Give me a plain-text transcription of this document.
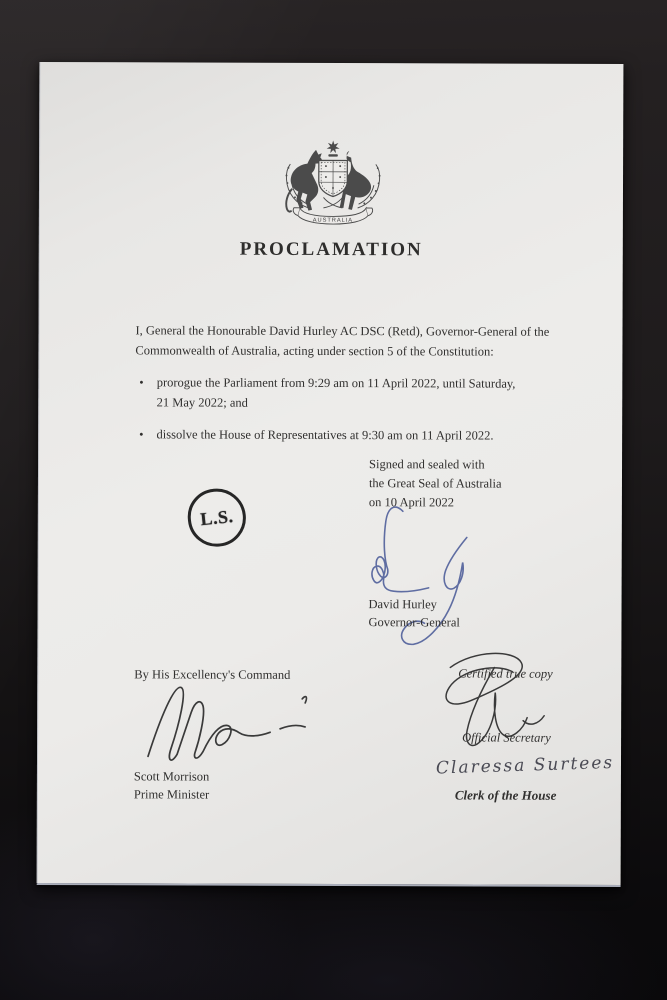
AUSTRALIA
PROCLAMATION
I, General the Honourable David Hurley AC DSC (Retd), Governor-General of the
Commonwealth of Australia, acting under section 5 of the Constitution:
• prorogue the Parliament from 9:29 am on 11 April 2022, until Saturday,
21 May 2022; and
• dissolve the House of Representatives at 9:30 am on 11 April 2022.
Signed and sealed with
the Great Seal of Australia
on 10 April 2022
L.S.
David Hurley
Governor-General
By His Excellency's Command
Scott Morrison
Prime Minister
Certified true copy
Official Secretary
Claressa Surtees
Clerk of the House
